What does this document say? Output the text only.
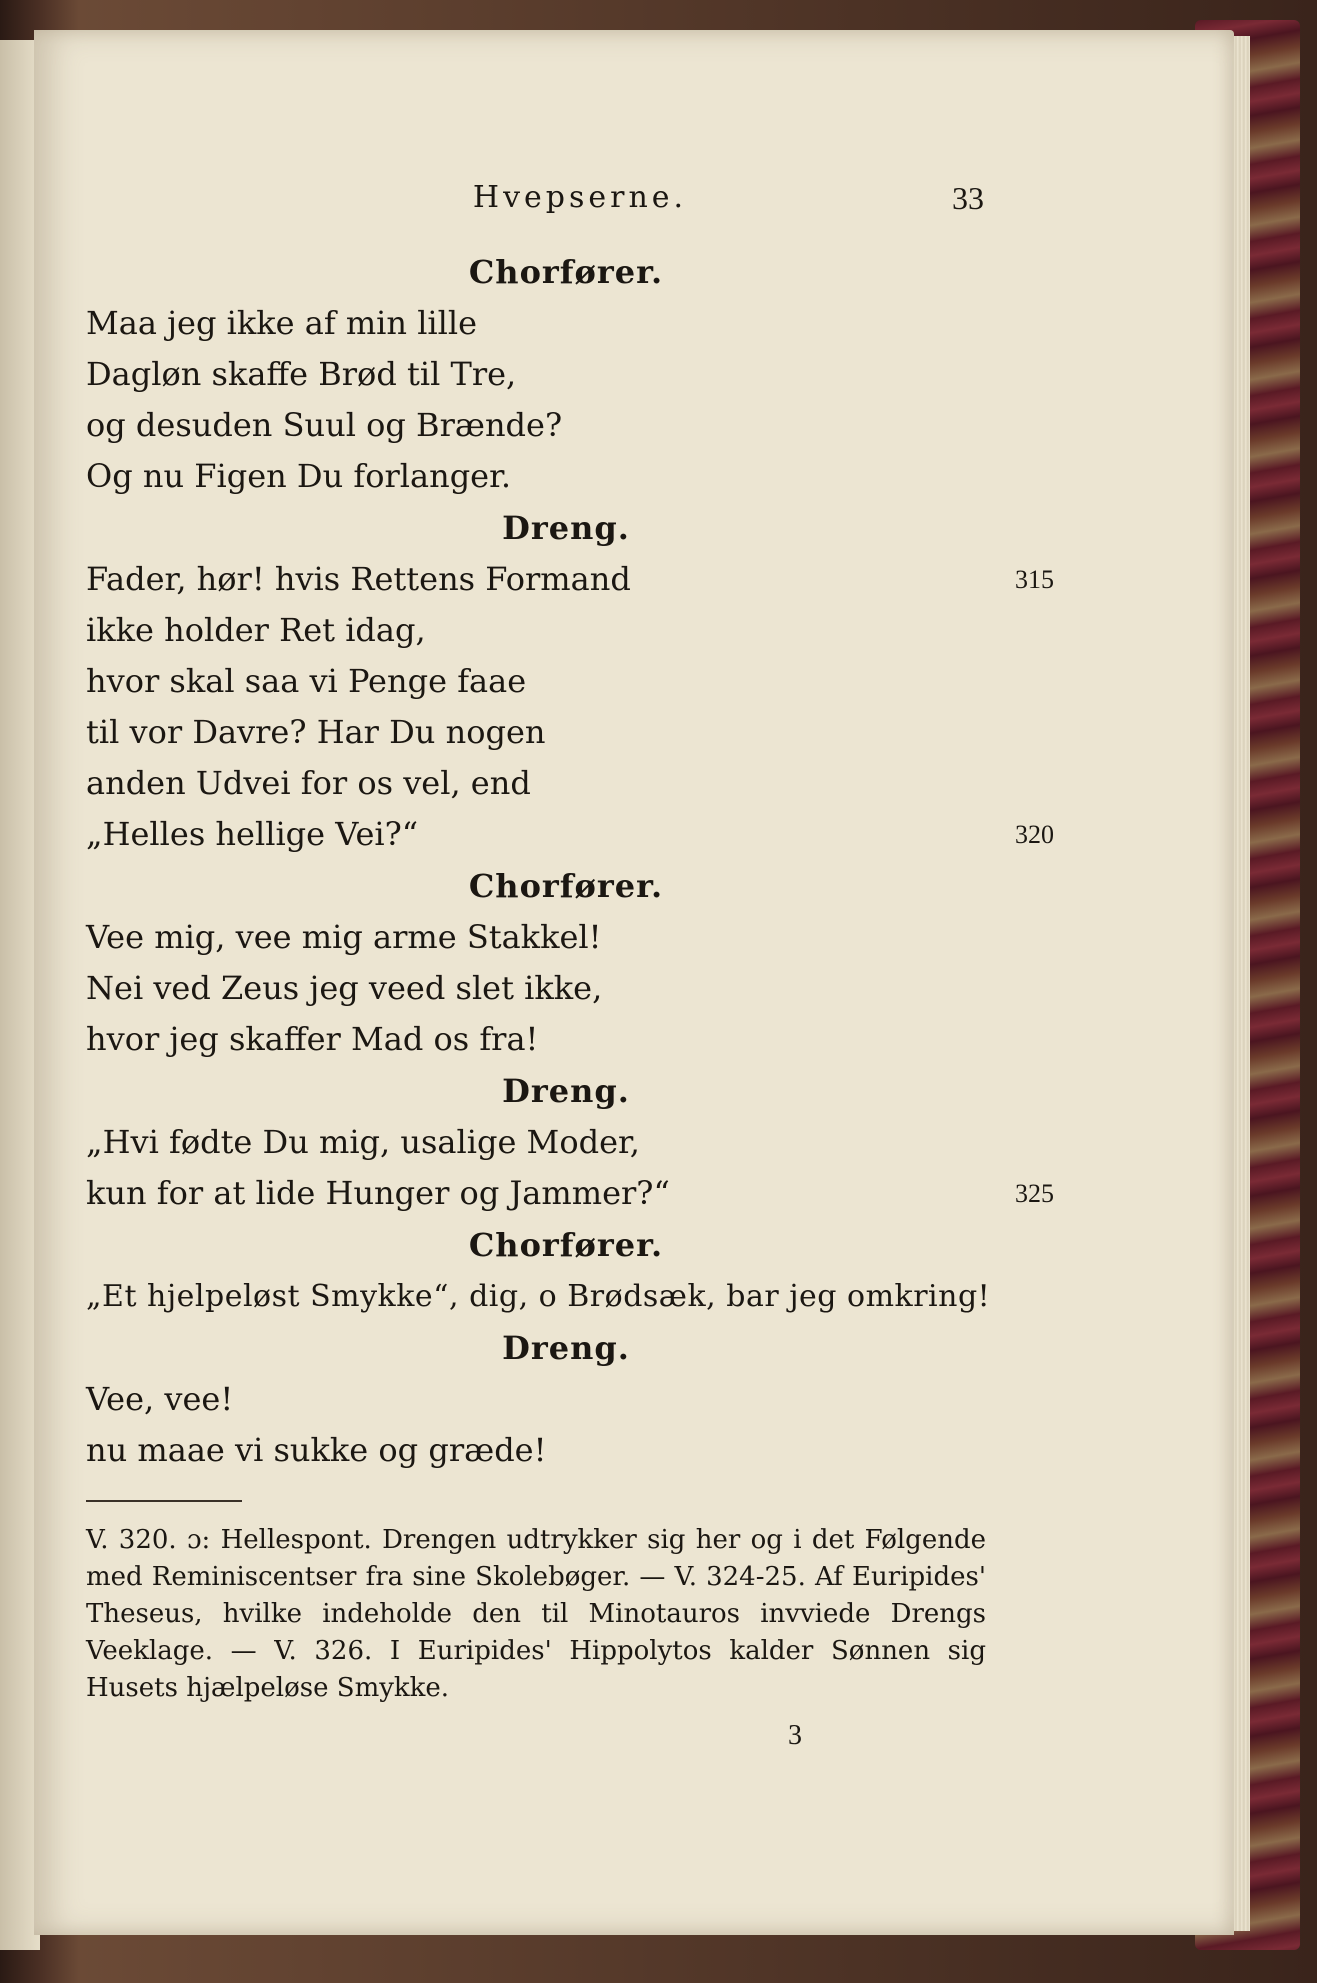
Hvepserne.	33
Chorfører.
Maa jeg ikke af min lille
Dagløn skaffe Brød til Tre,
og desuden Suul og Brænde?
Og nu Figen Du forlanger.
Dreng.
Fader, hør! hvis Rettens Formand	315
ikke holder Ret idag,
hvor skal saa vi Penge faae
til vor Davre? Har Du nogen
anden Udvei for os vel, end
„Helles hellige Vei?“	320
Chorfører.
Vee mig, vee mig arme Stakkel!
Nei ved Zeus jeg veed slet ikke,
hvor jeg skaffer Mad os fra!
Dreng.
„Hvi fødte Du mig, usalige Moder,
kun for at lide Hunger og Jammer?“	325
Chorfører.
„Et hjelpeløst Smykke“, dig, o Brødsæk, bar jeg omkring!
Dreng.
Vee, vee!
nu maae vi sukke og græde!
V. 320. ɔ: Hellespont. Drengen udtrykker sig her og i det Følgende med Reminiscentser fra sine Skolebøger. — V. 324-25. Af Euripides' Theseus, hvilke indeholde den til Minotauros invviede Drengs Veeklage. — V. 326. I Euripides' Hippolytos kalder Sønnen sig Husets hjælpeløse Smykke.
3
